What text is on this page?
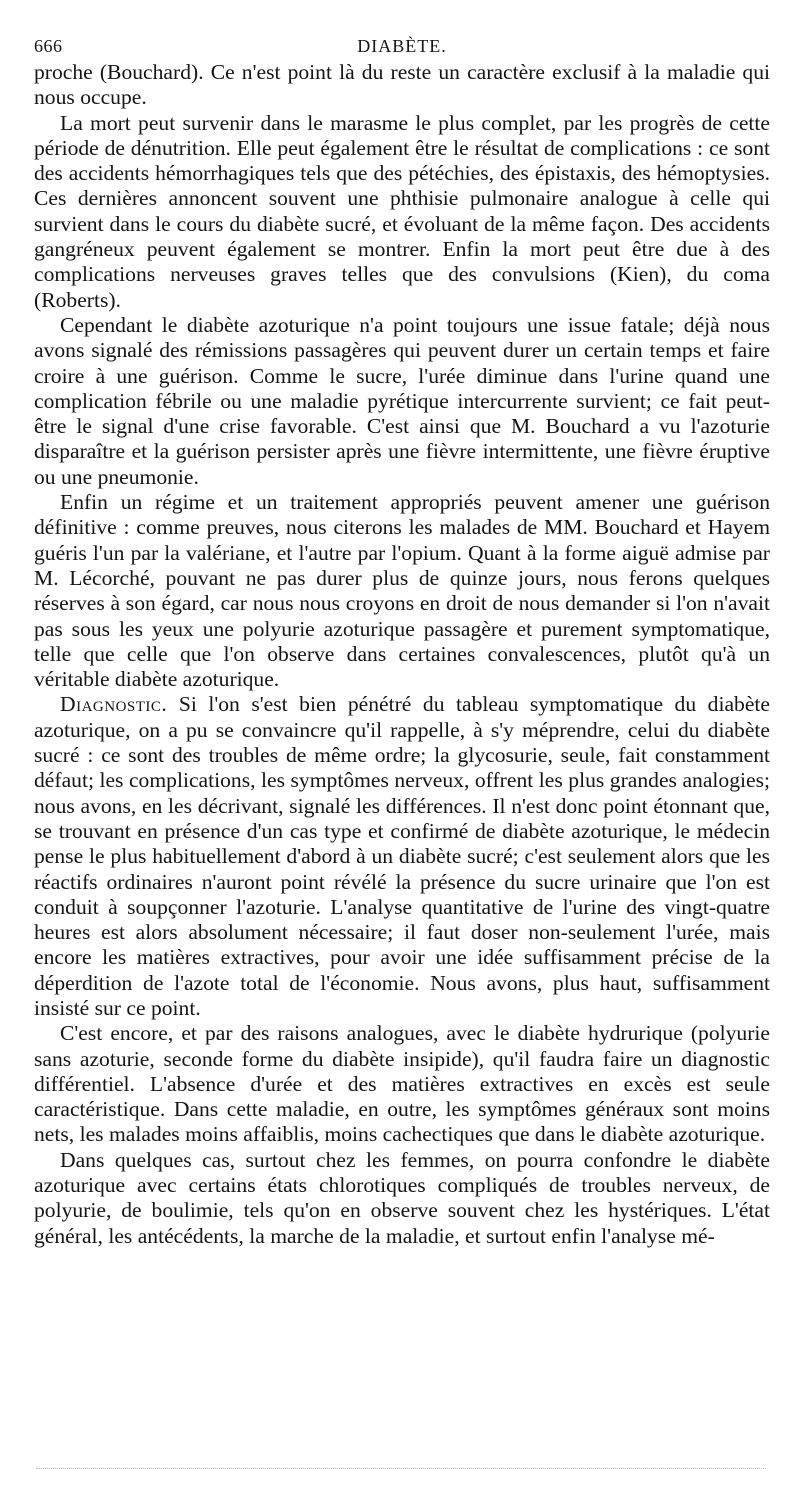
666	DIABÈTE.

proche (Bouchard). Ce n'est point là du reste un caractère exclusif à la maladie qui nous occupe.

La mort peut survenir dans le marasme le plus complet, par les progrès de cette période de dénutrition. Elle peut également être le résultat de complications : ce sont des accidents hémorrhagiques tels que des pétéchies, des épistaxis, des hémoptysies. Ces dernières annoncent souvent une phthisie pulmonaire analogue à celle qui survient dans le cours du diabète sucré, et évoluant de la même façon. Des accidents gangréneux peuvent également se montrer. Enfin la mort peut être due à des complications nerveuses graves telles que des convulsions (Kien), du coma (Roberts).

Cependant le diabète azoturique n'a point toujours une issue fatale; déjà nous avons signalé des rémissions passagères qui peuvent durer un certain temps et faire croire à une guérison. Comme le sucre, l'urée diminue dans l'urine quand une complication fébrile ou une maladie pyrétique intercurrente survient; ce fait peut-être le signal d'une crise favorable. C'est ainsi que M. Bouchard a vu l'azoturie disparaître et la guérison persister après une fièvre intermittente, une fièvre éruptive ou une pneumonie.

Enfin un régime et un traitement appropriés peuvent amener une guérison définitive : comme preuves, nous citerons les malades de MM. Bouchard et Hayem guéris l'un par la valériane, et l'autre par l'opium. Quant à la forme aiguë admise par M. Lécorché, pouvant ne pas durer plus de quinze jours, nous ferons quelques réserves à son égard, car nous nous croyons en droit de nous demander si l'on n'avait pas sous les yeux une polyurie azoturique passagère et purement symptomatique, telle que celle que l'on observe dans certaines convalescences, plutôt qu'à un véritable diabète azoturique.

Diagnostic. Si l'on s'est bien pénétré du tableau symptomatique du diabète azoturique, on a pu se convaincre qu'il rappelle, à s'y méprendre, celui du diabète sucré : ce sont des troubles de même ordre; la glycosurie, seule, fait constamment défaut; les complications, les symptômes nerveux, offrent les plus grandes analogies; nous avons, en les décrivant, signalé les différences. Il n'est donc point étonnant que, se trouvant en présence d'un cas type et confirmé de diabète azoturique, le médecin pense le plus habituellement d'abord à un diabète sucré; c'est seulement alors que les réactifs ordinaires n'auront point révélé la présence du sucre urinaire que l'on est conduit à soupçonner l'azoturie. L'analyse quantitative de l'urine des vingt-quatre heures est alors absolument nécessaire; il faut doser non-seulement l'urée, mais encore les matières extractives, pour avoir une idée suffisamment précise de la déperdition de l'azote total de l'économie. Nous avons, plus haut, suffisamment insisté sur ce point.

C'est encore, et par des raisons analogues, avec le diabète hydrurique (polyurie sans azoturie, seconde forme du diabète insipide), qu'il faudra faire un diagnostic différentiel. L'absence d'urée et des matières extractives en excès est seule caractéristique. Dans cette maladie, en outre, les symptômes généraux sont moins nets, les malades moins affaiblis, moins cachectiques que dans le diabète azoturique.

Dans quelques cas, surtout chez les femmes, on pourra confondre le diabète azoturique avec certains états chlorotiques compliqués de troubles nerveux, de polyurie, de boulimie, tels qu'on en observe souvent chez les hystériques. L'état général, les antécédents, la marche de la maladie, et surtout enfin l'analyse mé-
